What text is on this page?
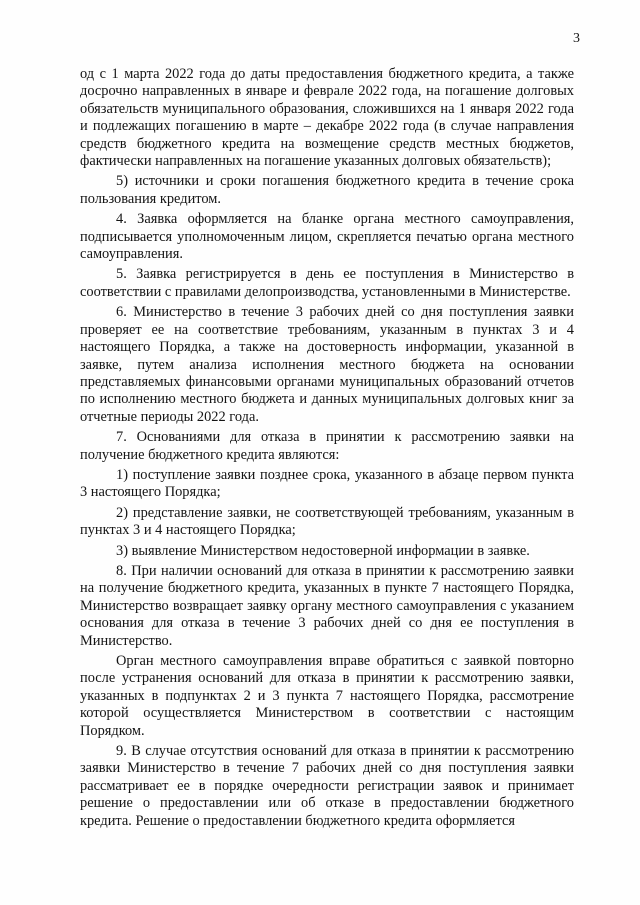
3

од с 1 марта 2022 года до даты предоставления бюджетного кредита, а также досрочно направленных в январе и феврале 2022 года, на погашение долговых обязательств муниципального образования, сложившихся на 1 января 2022 года и подлежащих погашению в марте – декабре 2022 года (в случае направления средств бюджетного кредита на возмещение средств местных бюджетов, фактически направленных на погашение указанных долговых обязательств);

5) источники и сроки погашения бюджетного кредита в течение срока пользования кредитом.

4. Заявка оформляется на бланке органа местного самоуправления, подписывается уполномоченным лицом, скрепляется печатью органа местного самоуправления.

5. Заявка регистрируется в день ее поступления в Министерство в соответствии с правилами делопроизводства, установленными в Министерстве.

6. Министерство в течение 3 рабочих дней со дня поступления заявки проверяет ее на соответствие требованиям, указанным в пунктах 3 и 4 настоящего Порядка, а также на достоверность информации, указанной в заявке, путем анализа исполнения местного бюджета на основании представляемых финансовыми органами муниципальных образований отчетов по исполнению местного бюджета и данных муниципальных долговых книг за отчетные периоды 2022 года.

7. Основаниями для отказа в принятии к рассмотрению заявки на получение бюджетного кредита являются:

1) поступление заявки позднее срока, указанного в абзаце первом пункта 3 настоящего Порядка;

2) представление заявки, не соответствующей требованиям, указанным в пунктах 3 и 4 настоящего Порядка;

3) выявление Министерством недостоверной информации в заявке.

8. При наличии оснований для отказа в принятии к рассмотрению заявки на получение бюджетного кредита, указанных в пункте 7 настоящего Порядка, Министерство возвращает заявку органу местного самоуправления с указанием основания для отказа в течение 3 рабочих дней со дня ее поступления в Министерство.

Орган местного самоуправления вправе обратиться с заявкой повторно после устранения оснований для отказа в принятии к рассмотрению заявки, указанных в подпунктах 2 и 3 пункта 7 настоящего Порядка, рассмотрение которой осуществляется Министерством в соответствии с настоящим Порядком.

9. В случае отсутствия оснований для отказа в принятии к рассмотрению заявки Министерство в течение 7 рабочих дней со дня поступления заявки рассматривает ее в порядке очередности регистрации заявок и принимает решение о предоставлении или об отказе в предоставлении бюджетного кредита. Решение о предоставлении бюджетного кредита оформляется
